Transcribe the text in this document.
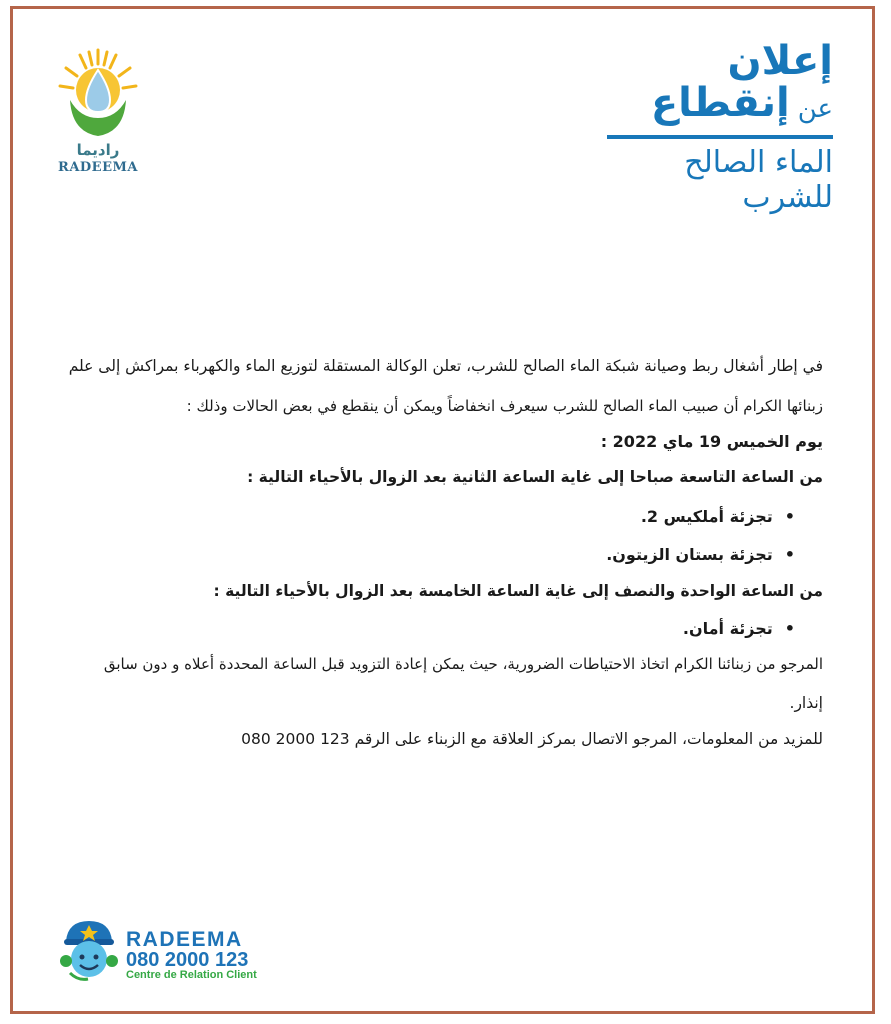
راديما
RADEEMA
إعلان
عن
إنقطاع
الماء الصالح للشرب
في إطار أشغال ربط وصيانة شبكة الماء الصالح للشرب، تعلن الوكالة المستقلة لتوزيع الماء والكهرباء بمراكش إلى علم
زبنائها الكرام أن صبيب الماء الصالح للشرب سيعرف انخفاضاً ويمكن أن ينقطع في بعض الحالات وذلك :
يوم الخميس 19 ماي 2022 :
من الساعة التاسعة صباحا إلى غاية الساعة الثانية بعد الزوال بالأحياء التالية :
•تجزئة أملكيس 2.
•تجزئة بستان الزيتون.
من الساعة الواحدة والنصف إلى غاية الساعة الخامسة بعد الزوال بالأحياء التالية :
•تجزئة أمان.
المرجو من زبنائنا الكرام اتخاذ الاحتياطات الضرورية، حيث يمكن إعادة التزويد قبل الساعة المحددة أعلاه و دون سابق
إنذار.
للمزيد من المعلومات، المرجو الاتصال بمركز العلاقة مع الزبناء على الرقم 123 2000 080
RADEEMA
080 2000 123
Centre de Relation Client
